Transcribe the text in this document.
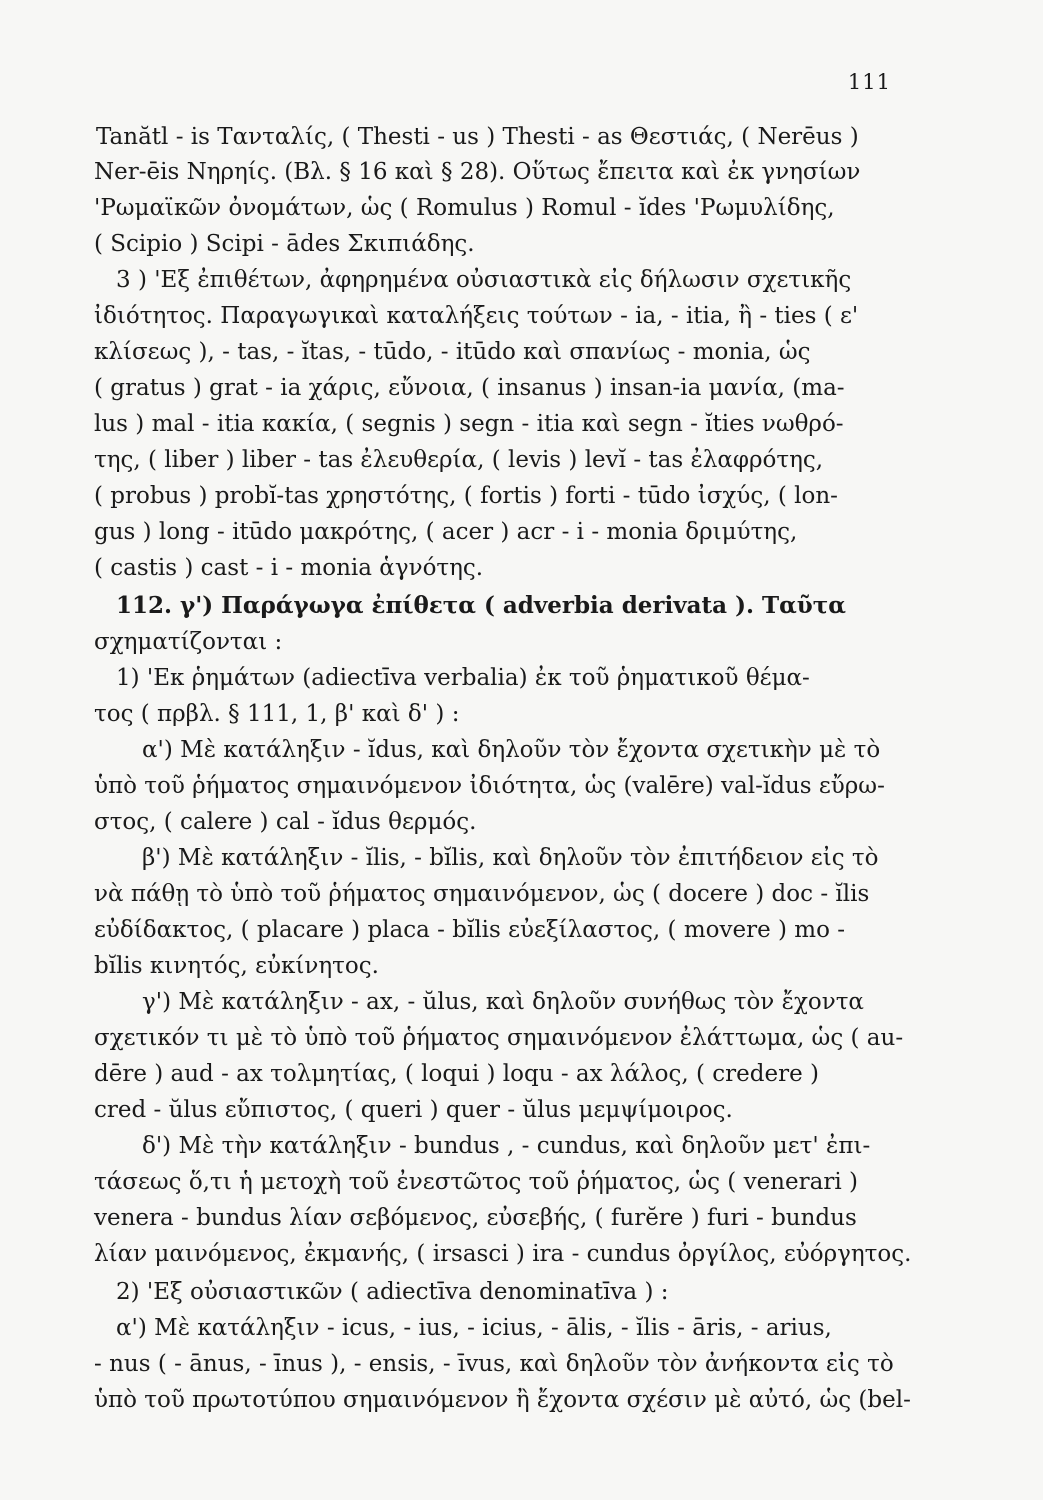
111
Tanătl - is Τανταλίς, ( Thesti - us ) Thesti - as Θεστιάς, ( Nerēus )
Ner-ēis Νηρηίς. (Βλ. § 16 καὶ § 28). Οὕτως ἔπειτα καὶ ἐκ γνησίων
'Ρωμαϊκῶν ὀνομάτων, ὡς ( Romulus ) Romul - ĭdes 'Ρωμυλίδης,
( Scipio ) Scipi - ādes Σκιπιάδης.
3 ) 'Εξ ἐπιθέτων, ἀφηρημένα οὐσιαστικὰ εἰς δήλωσιν σχετικῆς
ἰδιότητος. Παραγωγικαὶ καταλήξεις τούτων - ia, - itia, ἢ - ties ( ε'
κλίσεως ), - tas, - ĭtas, - tūdo, - itūdo καὶ σπανίως - monia, ὡς
( gratus ) grat - ia χάρις, εὔνοια, ( insanus ) insan-ia μανία, (ma-
lus ) mal - itia κακία, ( segnis ) segn - itia καὶ segn - ĭties νωθρό-
της, ( liber ) liber - tas ἐλευθερία, ( levis ) levĭ - tas ἐλαφρότης,
( probus ) probĭ-tas χρηστότης, ( fortis ) forti - tūdo ἰσχύς, ( lon-
gus ) long - itūdo μακρότης, ( acer ) acr - i - monia δριμύτης,
( castis ) cast - i - monia ἁγνότης.
112. γ') Παράγωγα ἐπίθετα ( adverbia derivata ). Ταῦτα
σχηματίζονται :
1) 'Εκ ῥημάτων (adiectīva verbalia) ἐκ τοῦ ῥηματικοῦ θέμα-
τος ( πρβλ. § 111, 1, β' καὶ δ' ) :
α') Μὲ κατάληξιν - ĭdus, καὶ δηλοῦν τὸν ἔχοντα σχετικὴν μὲ τὸ
ὑπὸ τοῦ ῥήματος σημαινόμενον ἰδιότητα, ὡς (valēre) val-ĭdus εὔρω-
στος, ( calere ) cal - ĭdus θερμός.
β') Μὲ κατάληξιν - ĭlis, - bĭlis, καὶ δηλοῦν τὸν ἐπιτήδειον εἰς τὸ
νὰ πάθῃ τὸ ὑπὸ τοῦ ῥήματος σημαινόμενον, ὡς ( docere ) doc - ĭlis
εὐδίδακτος, ( placare ) placa - bĭlis εὐεξίλαστος, ( movere ) mo -
bĭlis κινητός, εὐκίνητος.
γ') Μὲ κατάληξιν - ax, - ŭlus, καὶ δηλοῦν συνήθως τὸν ἔχοντα
σχετικόν τι μὲ τὸ ὑπὸ τοῦ ῥήματος σημαινόμενον ἐλάττωμα, ὡς ( au-
dēre ) aud - ax τολμητίας, ( loqui ) loqu - ax λάλος, ( credere )
cred - ŭlus εὔπιστος, ( queri ) quer - ŭlus μεμψίμοιρος.
δ') Μὲ τὴν κατάληξιν - bundus , - cundus, καὶ δηλοῦν μετ' ἐπι-
τάσεως ὅ,τι ἡ μετοχὴ τοῦ ἐνεστῶτος τοῦ ῥήματος, ὡς ( venerari )
venera - bundus λίαν σεβόμενος, εὐσεβής, ( furĕre ) furi - bundus
λίαν μαινόμενος, ἐκμανής, ( irsasci ) ira - cundus ὀργίλος, εὐόργητος.
2) 'Εξ οὐσιαστικῶν ( adiectīva denominatīva ) :
α') Μὲ κατάληξιν - icus, - ius, - icius, - ālis, - ĭlis - āris, - arius,
- nus ( - ānus, - īnus ), - ensis, - īvus, καὶ δηλοῦν τὸν ἀνήκοντα εἰς τὸ
ὑπὸ τοῦ πρωτοτύπου σημαινόμενον ἢ ἔχοντα σχέσιν μὲ αὐτό, ὡς (bel-
